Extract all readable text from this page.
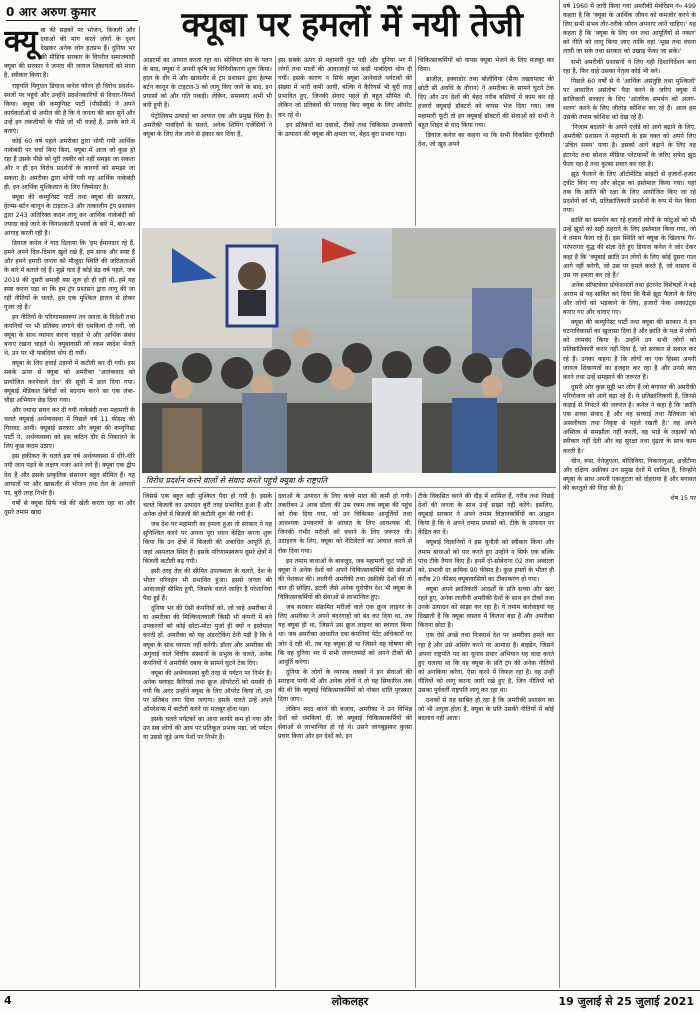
0 आर अरुण कुमार	क्यूबा पर हमलों में नयी तेजी
क्यू बा की सड़कों पर भोजन, बिजली और दवाओं की मांग करते लोगों के दृश्य देखकर अनेक लोग हतप्रभ हैं। दुनिया भर की मीडिया सरकार के विपरीत समाजवादी क्यूबा की सरकार ने जनता की जायज शिकायतों को माना है, स्वीकार किया है।

राष्ट्रपति मिगुएल डियाज कनेल फौरन ही विरोध प्रदर्शन-स्थलों पर पहुंचे और उन्होंने प्रदर्शनकारियों से विचार-विमर्श किया। क्यूबा की कम्युनिस्ट पार्टी (पीसीसी) ने अपने कार्यकर्ताओं से अपील की है कि वे जनता की बात सुनें और उन्हें इन तकलीफों के पीछे जो भी वजहें हैं, उनके बारे में बताएं।

कोई 60 वर्ष पहले अमरीका द्वारा थोपी गयी आर्थिक नाकेबंदी पर चर्चा किए बिना, क्यूबा में आज जो कुछ हो रहा है उसके पीछे को पूरी तस्वीर को नहीं समझा जा सकता और न ही इन विरोध प्रदर्शनों के कारणों को समझा जा सकता है। अमरीका द्वारा थोपी गयी यह आर्थिक नाकेबंदी ही, इन आर्थिक मुश्किलात के लिए जिम्मेदार है।

क्यूबा की कम्युनिस्ट पार्टी तथा क्यूबा की सरकार, हेल्म्स-बर्टन कानून के टाइटल-3 और तत्कालीन ट्रंप प्रशासन द्वारा 243 अतिरिक्त कदम लागू कर आर्थिक नाकेबंदी को ज्यादा कड़े जाने के विनाशकारी प्रभावों के बारे में, बार-बार आगाह करती रही है।

डियाज कनेल ने याद दिलाया कि 'हम ईमानदार रहे हैं, हमने अपने दिल-दिमाग खुले रखे हैं, हम साफ और स्पष्ट हैं और हमने हमारी जनता को मौजूदा स्थिति की जटिलताओं के बारे में बताते रहे हैं। मुझे याद है कोई डेढ़ वर्ष पहले, जब 2019 की दूसरी छमाही बस शुरू हो ही रही थी, हमें यह स्पष्ट करना पड़ा था कि हम ट्रंप प्रशासन द्वारा लागू की जा रही नीतियों के चलते, हम एक मुश्किल हालत से होकर गुजर रहे हैं।'

इन नीतियों के परिणामस्वरूप तन जनता के विदेशी तथा कंपनियों पर भी प्रतिबंध लगाने की धमकियां दी गयीं, जो क्यूबा के साथ व्यापार करना चाहते थे और आर्थिक संबंध बनाए रखना चाहते थे। क्यूबावासी जो रकम स्वदेश भेजते थे, उन पर भी पाबंदियां थोप दी गयीं।

क्यूबा के लिए हवाई उड़ानों में कटौती कर दी गयी। इस सबके ऊपर से क्यूबा को अमरीका 'आतंकवाद को प्रायोजित करनेवाले देश' की सूची में डाल दिया गया। क्यूबाई मेडिकल ब्रिगेडों को बदनाम करने का एक लंबा-चौड़ा अभियान छेड़ दिया गया।

और ज्यादा सघन कर दी गयी नाकेबंदी तथा महामारी के चलते क्यूबाई अर्थव्यवस्था में पिछले वर्ष 11 फीसद की गिरावट आयी। क्यूबाई सरकार और क्यूबा की कम्युनिस्ट पार्टी ने, अर्थव्यवस्था को इस कठिन दौर से निकालने के लिए कुछ कदम उठाए।

इस हकीकत के चलते इस वर्ष अर्थव्यवस्था में धीरे-धीरे नयी जान पड़ने के लक्षण नजर आने लगे हैं। क्यूबा एक द्वीप देश है और इसके प्राकृतिक संसाधन बहुत सीमित हैं। वह आयातों पर और खासतौर से भोजन तथा तेल के आयातों पर, बुरी तरह निर्भर है।

वर्षों से क्यूबा सिर्फ गन्ने की खेती करता रहा था और दूसरे तमाम खाद्य

आइटमों का आयात करता रहा था। सोवियत संघ के पतन के बाद, क्यूबा ने अपनी कृषि का विविधीकरण शुरू किया। हाल के दौर में और खासतौर से ट्रंप प्रशासन द्वारा हेल्म्स बर्टन कानून के टाइटल-3 को लागू किए जाने के बाद, इन प्रयासों को और गति पकड़ी। लेकिन, समस्याएं अभी भी बनी हुयी हैं।

पेट्रोलियम उत्पादों का आयात एक और प्रमुख चिंता है। अमरीकी पाबंदियों के चलते, अनेक शिपिंग एजेंसियों ने क्यूबा के लिए तेल लाने से इंकार कर दिया है,

इस सबके ऊपर से महामारी फूट पड़ी और दुनिया भर में लोगों तथा मालों की आवाजाही पर कड़ी पाबंदियां थोप दी गयीं। इसके कारण न सिर्फ क्यूबा आनेवाले पर्यटकों की संख्या में भारी कमी आयी, बल्कि ये कैरियर्स भी बुरी तरह प्रभावित हुए, जिनकी सेवाएं पहले ही बहुत सीमित थी, लेकिन जो प्रतिबंधों की परवाह किए क्यूबा के लिए ऑपरेट कर रहे थे।

इन प्रतिबंधों का दबावों, टीकों तथा चिकित्सा उपकरणों के उत्पादन की क्यूबा की क्षमता पर, बेहद बुरा प्रभाव पड़ा।

चिकित्साकर्मियों को वापस क्यूबा भेजने के लिए मजबूर कर दिया।

ब्राजील, इक्वाडोर तथा बोलीविया (सैन्य तख्तापलट की छोटी सी अवधि के दौरान) ने अमरीका के सामने घुटने टेक दिए और उन देशों की बेहद गरीब बस्तियों में काम कर रहे हजारों क्यूबाई डॉक्टरों को वापस भेज दिया गया। जब महामारी फूटी तो इन क्यूबाई डॉक्टरों की सेवाओं को सभी ने बहुत शिद्दत से याद किया गया।

डियाज कनेल का कहना था कि सभी विकसित पूंजीवादी देश, जो खुद अपने

विरोध प्रदर्शन करने वालों से संवाद करते पहुंचे क्यूबा के राष्ट्रपति

जिससे एक बहुत बड़ी मुश्किल पैदा हो गयी है। इसके चलते बिजली का उत्पादन बुरी तरह प्रभावित हुआ है और अनेक क्षेत्रों में बिजली की कटौती शुरू की गयी है।

जब देश पर महामारी का हमला हुआ तो सरकार ने यह सुनिश्चित करने पर अपना पूरा ध्यान केंद्रित करना शुरू किया कि उन क्षेत्रों में बिजली की अबाधित आपूर्ति हो, जहां अस्पताल स्थित हैं। इसके परिणामस्वरूप दूसरे क्षेत्रों में बिजली कटौती बढ़ गयी।

इसी तरह तेल की सीमित उपलब्धता के चलते, देश के भीतर परिवहन भी प्रभावित हुआ। इससे जनता की आवाजाही सीमित हुयी, जिसके चलते जाहिर है परेशानियां पैदा हुई हैं।

दुनिया भर की ऐसी कंपनियों को, जो चाहे अमरीका में या अमरीका की मिल्कियतवाली किसी भी कंपनी में बने उपकरणों को कोई छोटा-मोटा पुर्जा ही क्यों न इस्तेमाल करती हों, अमरीका को यह अंडरटेकिंग देनी पड़ी है कि वे क्यूबा के साथ व्यापार नहीं करेंगी। डॉलर और अमरीका की अगुवाई वाले वित्तीय संस्थानों के प्रभुत्व के चलते, अनेक कंपनियों ने अमरीकी दबाव के सामने घुटने टेक दिए।

क्यूबा की अर्थव्यवस्था बुरी तरह से पर्यटन पर निर्भर है। अनेक फ्लाइट कैरियर्स तथा क्रूज ऑपरेटरों को धमकी दी गयी कि अगर उन्होंने क्यूबा के लिए ऑपरेट किया तो, उन पर प्रतिबंध लगा दिया जाएगा। इसके चलते उन्हें अपने ऑपरेशन्स में कटौती करने पर मजबूर होना पड़ा।

इसके चलते पर्यटकों का आना काफी कम हो गया और उन सब लोगों की आय पर प्रतिकूल प्रभाव पड़ा, जो पर्यटन या उससे जुड़े अन्य पेशों पर निर्भर हैं।

दवाओं के उत्पादन के लिए कच्चे माल की कमी हो गयी। तकरीबन 2 अरब डॉलर की उस रकम तक क्यूबा की पहुंच को रोक दिया गया, जो उन चिकित्सा आपूर्तियों तथा आवश्यक उपकरणों के आयात के लिए आवश्यक थी, जिनकी गंभीर मरीजों को बचाने के लिए जरूरत थी। उदाहरण के लिए, क्यूबा को वेंटिलेटरों का आयात करने से रोक दिया गया।

इन तमाम बाधाओं के बावजूद, जब महामारी फूट पड़ी तो क्यूबा ने अनेक देशों को अपने चिकित्साकर्मियों की सेवाओं की पेशकश की। लातीनी अमरीकी तथा अफ्रीकी देशों की तो बात ही छोड़िए, इटली जैसे अनेक यूरोपीय देश भी क्यूबा के चिकित्साकर्मियों की सेवाओं से लाभान्वित हुए।

जब सरकार संक्रमित मरीजों वाले एक क्रूज लाइनर के लिए अमरीका ने अपने बंदरगाहों को बंद कर दिया था, तब यह क्यूबा ही था, जिसने उस क्रूज लाइनर का स्वागत किया था। जब अमरीका आधारित दवा कंपनियां पेटेंट अधिकारों पर जोर दे रही थीं, तब यह क्यूबा ही था जिसने यह घोषणा की कि वह दुनिया भर में सभी जरूरतमंदों को अपने टीकों की आपूर्ति करेगा।

दुनिया के लोगों के व्यापक तबकों ने इन सेवाओं की सराहना पायी थी और अनेक लोगों ने तो यह सिफारिश तक की थी कि क्यूबाई चिकित्साकर्मियों को नोबल शांति पुरस्कार दिया जाए।

लेकिन मदद करने की बजाय, अमरीका ने उन विभिन्न देशों को धमकियां दीं, जो क्यूबाई चिकित्साकर्मियों की सेवाओं से लाभान्वित हो रहे थे। उसने जानबूझकर कुत्सा प्रचार किया और इन देशों को, इन

टीके विकसित करने की दौड़ में शामिल हैं, गरीब तथा पिछड़े देशों की जनता के साथ उन्हें साझा नहीं करेंगे। इसलिए, क्यूबाई सरकार ने अपने तमाम विज्ञानकर्मियों का आह्वान किया है कि वे अपने तमाम प्रयासों को, टीके के उत्पादन पर केंद्रित कर दें।

क्यूबाई विज्ञानियों ने इस चुनौती को स्वीकार किया और तमाम बाधाओं को पार करते हुए उन्होंने न सिर्फ एक बल्कि पांच टीके तैयार किए हैं। इनमें दो-सोबेराना 02 तथा अब्दाला को, प्रभावी दर क्रमिक 90 फीसद है। कुछ हफ्तों के भीतर ही करीब 20 फीसद क्यूबावासियों का टीकाकरण हो गया।

क्यूबा अपने क्रांतिकारी आदर्शों के प्रति सच्चा और खरा रहते हुए, अनेक लातीनी अमरीकी देशों के साथ इन टीकों तथा उनके उत्पादन को साझा कर रहा है। ये तमाम कार्रवाइयां यह दिखाती हैं कि क्यूबा वास्तव में कितना बड़ा है और अमरीका कितना छोटा है।

एक ऐसे अच्छे तथा निःस्वार्थ देश पर अमरीका हमले कर रहा है और उसे अस्थिर करने पर आमादा है। बाइडेन, जिसने अपना राष्ट्रपति पद का चुनाव प्रचार अभियान यह वादा करते हुए चलाया था कि वह क्यूबा के प्रति ट्रंप की अनेक नीतियों को अनकिया करेगा, ऐसा करने में विफल रहा है। वह उन्हीं नीतियों को लागू करना जारी रखे हुए है, जिन नीतियों को उसका पूर्ववर्ती राष्ट्रपति लागू कर रहा था।

दशकों से यह साबित हो रहा है कि अमरीकी प्रशासन का जो भी अगुवा होता है, क्यूबा के प्रति उसकी नीतियों में कोई बदलाव नहीं आता।

वर्ष 1960 में जारी किया गया अमरीकी मेमोरेंडम नं० 499 कहता है कि 'क्यूबा के आर्थिक जीवन को कमजोर करने के लिए सभी संभव तौर-तरीके फौरन अपनाए जाने चाहिए।' यह कहता है कि 'क्यूबा के लिए धन तथा आपूर्तियों से नकार' को नीति को लागू किया जाए ताकि वहां 'भूख तथा वंचना लायी जा सके तथा सरकार को उखाड़ फेंका जा सके।'

सभी अमरीकी प्रशासनों ने लिए यही दिशानिर्देशन बना रहा है, फिर चाहे उसका नेतृत्व कोई भी करे।

पिछले 60 वर्षों से ये 'आर्थिक असंतुष्टि तथा मुश्किलों' पर आधारित असंतोष' पैदा करने के जरिए क्यूबा में क्रांतिकारी सरकार के लिए 'आंतरिक समर्थन को अलग-थलग' करने के लिए जीतोड़ कोशिश कर रहे हैं। आज हम उसकी तमाम कोशिश को देख रहे हैं।

'निजाम बदलने' के अपने एजेंडे को आगे बढ़ाने के लिए, अमरीकी प्रशासन ने महामारी के इस वक्त को अपने लिए 'उचित समय' पाया है। इसको आगे बढ़ाने के लिए वह इंटरनेट तथा सोशल मीडिया प्लेटफार्मों के जरिए सफेद झूठ फैला रहा है तथा कुत्सा प्रचार कर रहा है।

झूठ फैलाने के लिए ऑटोमेटिड साइटों से हजारों-हजार ट्वीट किए गए और बोट्स का इस्तेमाल किया गया। यहां तक कि क्रांति की रक्षा के लिए आयोजित किए जा रहे प्रदर्शनों को भी, प्रतिक्रांतिकारी प्रदर्शनों के रूप में पेश किया गया।

क्रांति का समर्थन कर रहे हजारों लोगों के फोटुओं को भी उन्हें झूठों को सही ठहराने के लिए इस्तेमाल किया गया, जो वे तमाम फैला रहे हैं। इस स्थिति को क्यूबा के खिलाफ गैर-परंपरागत युद्ध की संज्ञा देते हुए डियाज कनेल ने जोर देकर कहा है कि 'क्यूबाई क्रांति उन लोगों के लिए कोई दूसरा गाल आगे नहीं करेगी, जो उस पर हमले करते हैं, जो वास्तव में उस पर हमला कर रहे हैं।'

अनेक सॉफ्टवेयर प्रोफेशनलों तथा इंटरनेट विशेषज्ञों ने बड़े आराम से यह साबित कर दिया कि कैसे झूठ फैलाने के लिए और लोगों को भड़काने के लिए, हजारों फेक अकाउंट्स बनाए गए और चलाए गए।

क्यूबा की कम्युनिस्ट पार्टी तथा क्यूबा की सरकार ने इन घटनाविकासों का खुलासा दिया है और क्रांति के पक्ष में लोगों को लामबंद किया है। उन्होंने उन सभी लोगों को प्रतिक्रांतिकारी करार नहीं दिया है, जो सरकार से सवाल कर रहे हैं। उनका कहना है कि लोगों का एक हिस्सा अपनी जायज शिकायतों का इजहार कर रहा है और उनसे बात करने तथा उन्हें समझाने की जरूरत है।

दूसरी ओर कुछ मुट्ठी भर लोग हैं जो बगावत की अमरीकी परियोजना को आगे बढ़ा रहे हैं। ये प्रतिक्रांतिकारी हैं, जिनसे कड़ाई से निपटने की जरूरत है। कनेल ने कहा है कि 'क्रांति एक सच्चा संवाद है और वह सच्चाई तथा नैतिकता को असलीयता तथा निकृष्ट से पहले रखती है।' वह अपने अस्तित्व से समझौता नहीं करती, वह भाड़े के लड़ाकों को स्वीकार नहीं देती और वह सुरक्षा तथा दृढ़ता के साथ काम करती है।'

चीन, रूस, वेनेजुएला, बोलिविया, निकारागुआ, अर्जेंटीना और दक्षिण अफ्रीका उन प्रमुख देशों में शामिल हैं, जिन्होंने क्यूबा के साथ अपनी एकजुटता को दोहराया है और बगावत की करतूतों की निंदा की है।

शेष 15 पर
4	लोकलहर	19 जुलाई से 25 जुलाई 2021
